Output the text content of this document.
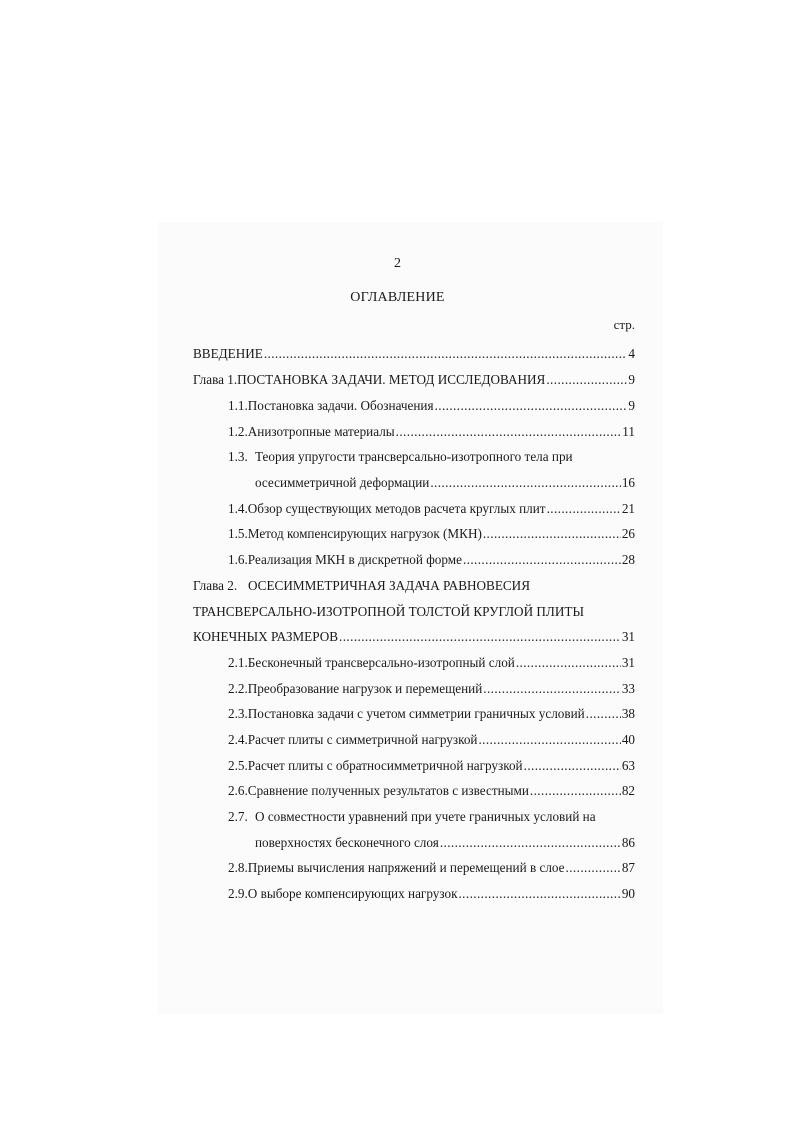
2
ОГЛАВЛЕНИЕ
стр.
ВВЕДЕНИЕ .....	4
Глава 1. ПОСТАНОВКА ЗАДАЧИ. МЕТОД ИССЛЕДОВАНИЯ .....	9
1.1. Постановка задачи. Обозначения .....	9
1.2. Анизотропные материалы .....	11
1.3. Теория упругости трансверсально-изотропного тела при
осесимметричной деформации .....	16
1.4. Обзор существующих методов расчета круглых плит .....	21
1.5. Метод компенсирующих нагрузок (МКН) .....	26
1.6. Реализация МКН в дискретной форме .....	28
Глава 2. ОСЕСИММЕТРИЧНАЯ ЗАДАЧА РАВНОВЕСИЯ
ТРАНСВЕРСАЛЬНО-ИЗОТРОПНОЙ ТОЛСТОЙ КРУГЛОЙ ПЛИТЫ
КОНЕЧНЫХ РАЗМЕРОВ .....	31
2.1. Бесконечный трансверсально-изотропный слой .....	31
2.2. Преобразование нагрузок и перемещений .....	33
2.3. Постановка задачи с учетом симметрии граничных условий .....	38
2.4. Расчет плиты с симметричной нагрузкой .....	40
2.5. Расчет плиты с обратносимметричной нагрузкой .....	63
2.6. Сравнение полученных результатов с известными .....	82
2.7. О совместности уравнений при учете граничных условий на
поверхностях бесконечного слоя .....	86
2.8. Приемы вычисления напряжений и перемещений в слое .....	87
2.9. О выборе компенсирующих нагрузок .....	90
